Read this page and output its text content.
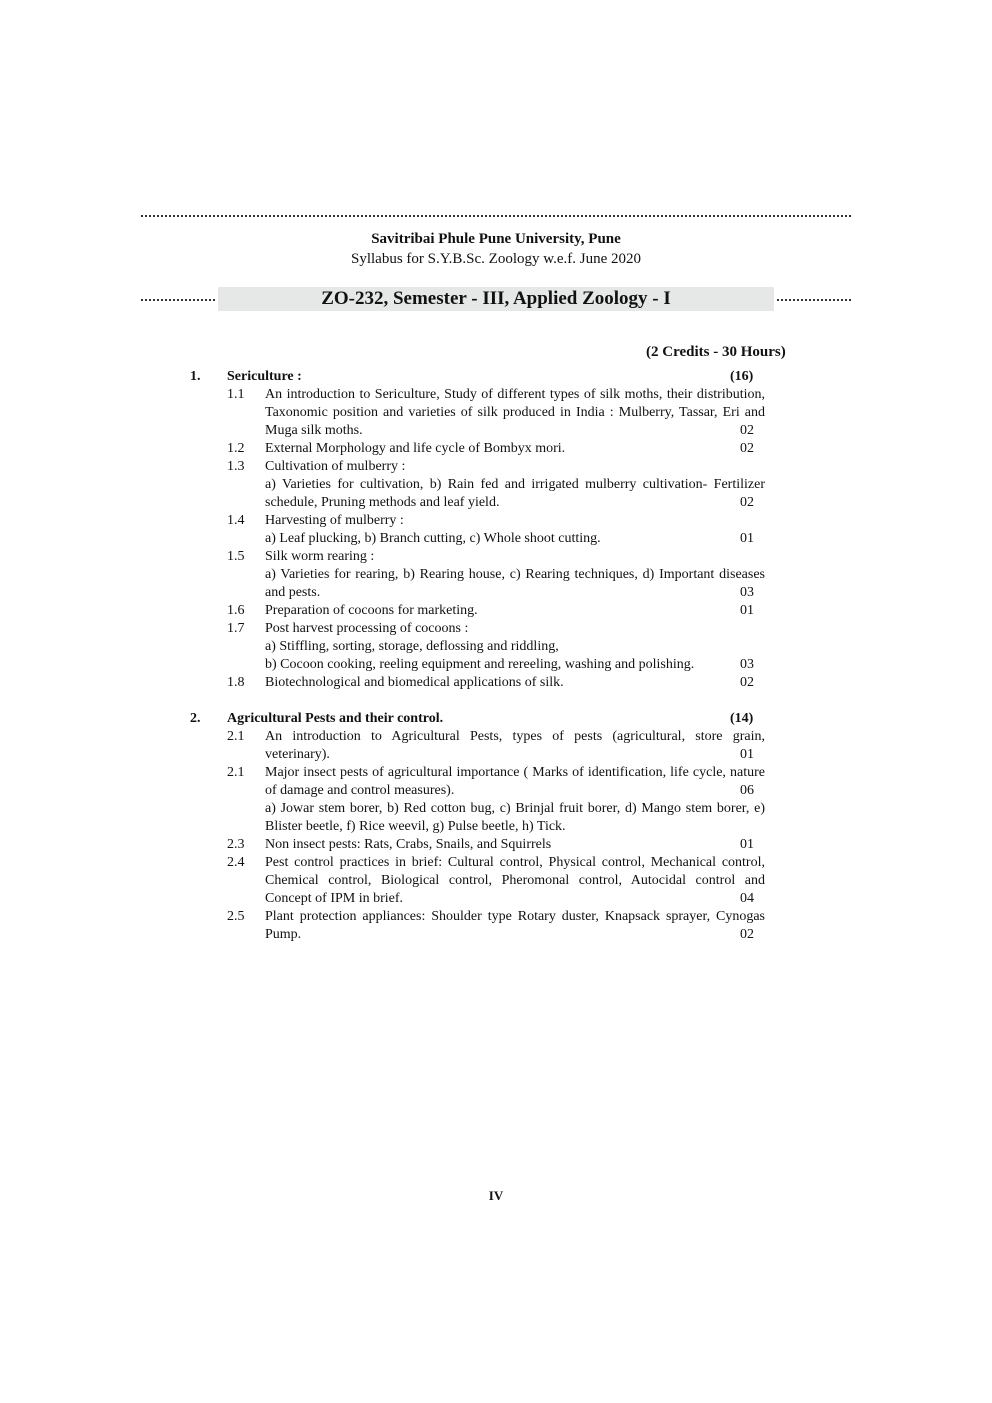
Savitribai Phule Pune University, Pune
Syllabus for S.Y.B.Sc. Zoology w.e.f. June 2020
ZO-232, Semester - III, Applied Zoology - I
(2 Credits - 30 Hours)
1. Sericulture :	(16)
1.1 An introduction to Sericulture, Study of different types of silk moths, their distribution, Taxonomic position and varieties of silk produced in India : Mulberry, Tassar, Eri and Muga silk moths.	02
1.2 External Morphology and life cycle of Bombyx mori.	02
1.3 Cultivation of mulberry :
a) Varieties for cultivation, b) Rain fed and irrigated mulberry cultivation- Fertilizer schedule, Pruning methods and leaf yield.	02
1.4 Harvesting of mulberry :
a) Leaf plucking, b) Branch cutting, c) Whole shoot cutting.	01
1.5 Silk worm rearing :
a) Varieties for rearing, b) Rearing house, c) Rearing techniques, d) Important diseases and pests.	03
1.6 Preparation of cocoons for marketing.	01
1.7 Post harvest processing of cocoons :
a) Stiffling, sorting, storage, deflossing and riddling,
b) Cocoon cooking, reeling equipment and rereeling, washing and polishing.	03
1.8 Biotechnological and biomedical applications of silk.	02
2. Agricultural Pests and their control.	(14)
2.1 An introduction to Agricultural Pests, types of pests (agricultural, store grain, veterinary).	01
2.1 Major insect pests of agricultural importance ( Marks of identification, life cycle, nature of damage and control measures).	06
a) Jowar stem borer, b) Red cotton bug, c) Brinjal fruit borer, d) Mango stem borer, e) Blister beetle, f) Rice weevil, g) Pulse beetle, h) Tick.
2.3 Non insect pests: Rats, Crabs, Snails, and Squirrels	01
2.4 Pest control practices in brief: Cultural control, Physical control, Mechanical control, Chemical control, Biological control, Pheromonal control, Autocidal control and Concept of IPM in brief.	04
2.5 Plant protection appliances: Shoulder type Rotary duster, Knapsack sprayer, Cynogas Pump.	02
IV
